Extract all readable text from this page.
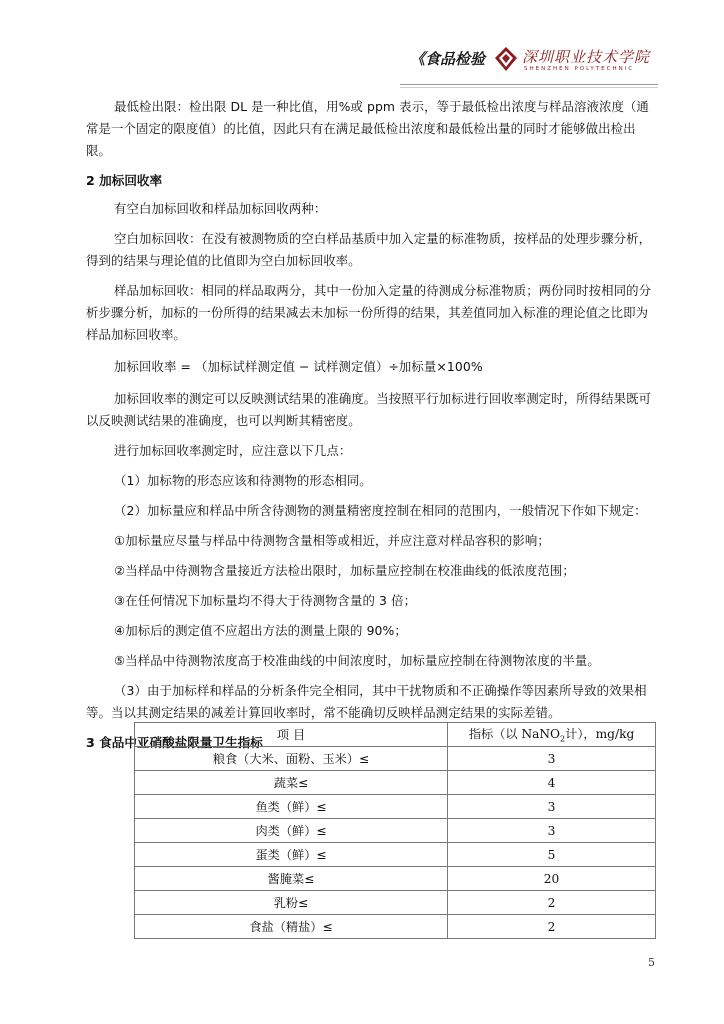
《食品检验 深圳职业技术学院
SHENZHEN POLYTECHNIC

最低检出限：检出限 DL 是一种比值，用%或 ppm 表示，等于最低检出浓度与样品溶液浓度（通常是一个固定的限度值）的比值，因此只有在满足最低检出浓度和最低检出量的同时才能够做出检出限。

2 加标回收率

有空白加标回收和样品加标回收两种：

空白加标回收：在没有被测物质的空白样品基质中加入定量的标准物质，按样品的处理步骤分析，得到的结果与理论值的比值即为空白加标回收率。

样品加标回收：相同的样品取两分，其中一份加入定量的待测成分标准物质；两份同时按相同的分析步骤分析，加标的一份所得的结果减去未加标一份所得的结果，其差值同加入标准的理论值之比即为样品加标回收率。

加标回收率 = （加标试样测定值 − 试样测定值）÷加标量×100%

加标回收率的测定可以反映测试结果的准确度。当按照平行加标进行回收率测定时，所得结果既可以反映测试结果的准确度，也可以判断其精密度。

进行加标回收率测定时，应注意以下几点：

（1）加标物的形态应该和待测物的形态相同。

（2）加标量应和样品中所含待测物的测量精密度控制在相同的范围内，一般情况下作如下规定：

①加标量应尽量与样品中待测物含量相等或相近，并应注意对样品容积的影响；

②当样品中待测物含量接近方法检出限时，加标量应控制在校准曲线的低浓度范围；

③在任何情况下加标量均不得大于待测物含量的 3 倍；

④加标后的测定值不应超出方法的测量上限的 90%；

⑤当样品中待测物浓度高于校准曲线的中间浓度时，加标量应控制在待测物浓度的半量。

（3）由于加标样和样品的分析条件完全相同，其中干扰物质和不正确操作等因素所导致的效果相等。当以其测定结果的减差计算回收率时，常不能确切反映样品测定结果的实际差错。

3 食品中亚硝酸盐限量卫生指标	项 目	指标（以 NaNO$_2$计），mg/kg
粮食（大米、面粉、玉米）≤	3
蔬菜≤	4
鱼类（鲜）≤	3
肉类（鲜）≤	3
蛋类（鲜）≤	5
酱腌菜≤	20
乳粉≤	2
食盐（精盐）≤	2
5
